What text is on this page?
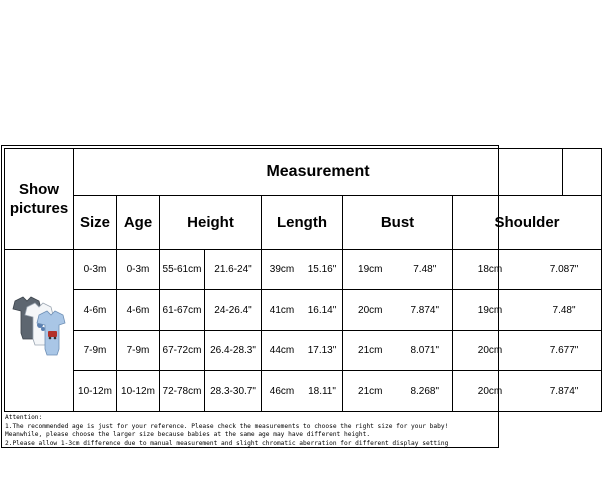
Show pictures	Measurement							
	Size	Age	Height		Length	Bust	Shoulder	
	0-3m	0-3m	55-61cm	21.6-24"	39cm 15.16"	19cm 7.48"	18cm 7.087"	

	4-6m	4-6m	61-67cm	24-26.4"	41cm 16.14"	20cm 7.874"	19cm 7.48"	

	7-9m	7-9m	67-72cm	26.4-28.3"	44cm 17.13"	21cm 8.071"	20cm 7.677"	

	10-12m	10-12m	72-78cm	28.3-30.7"	46cm 18.11"	21cm 8.268"	20cm 7.874"	
Attention:
1.The recommended age is just for your reference. Please check the measurements to choose the right size for your baby!
Meanwhile, please choose the larger size because babies at the same age may have different height.
2.Please allow 1-3cm difference due to manual measurement and slight chromatic aberration for different display setting
